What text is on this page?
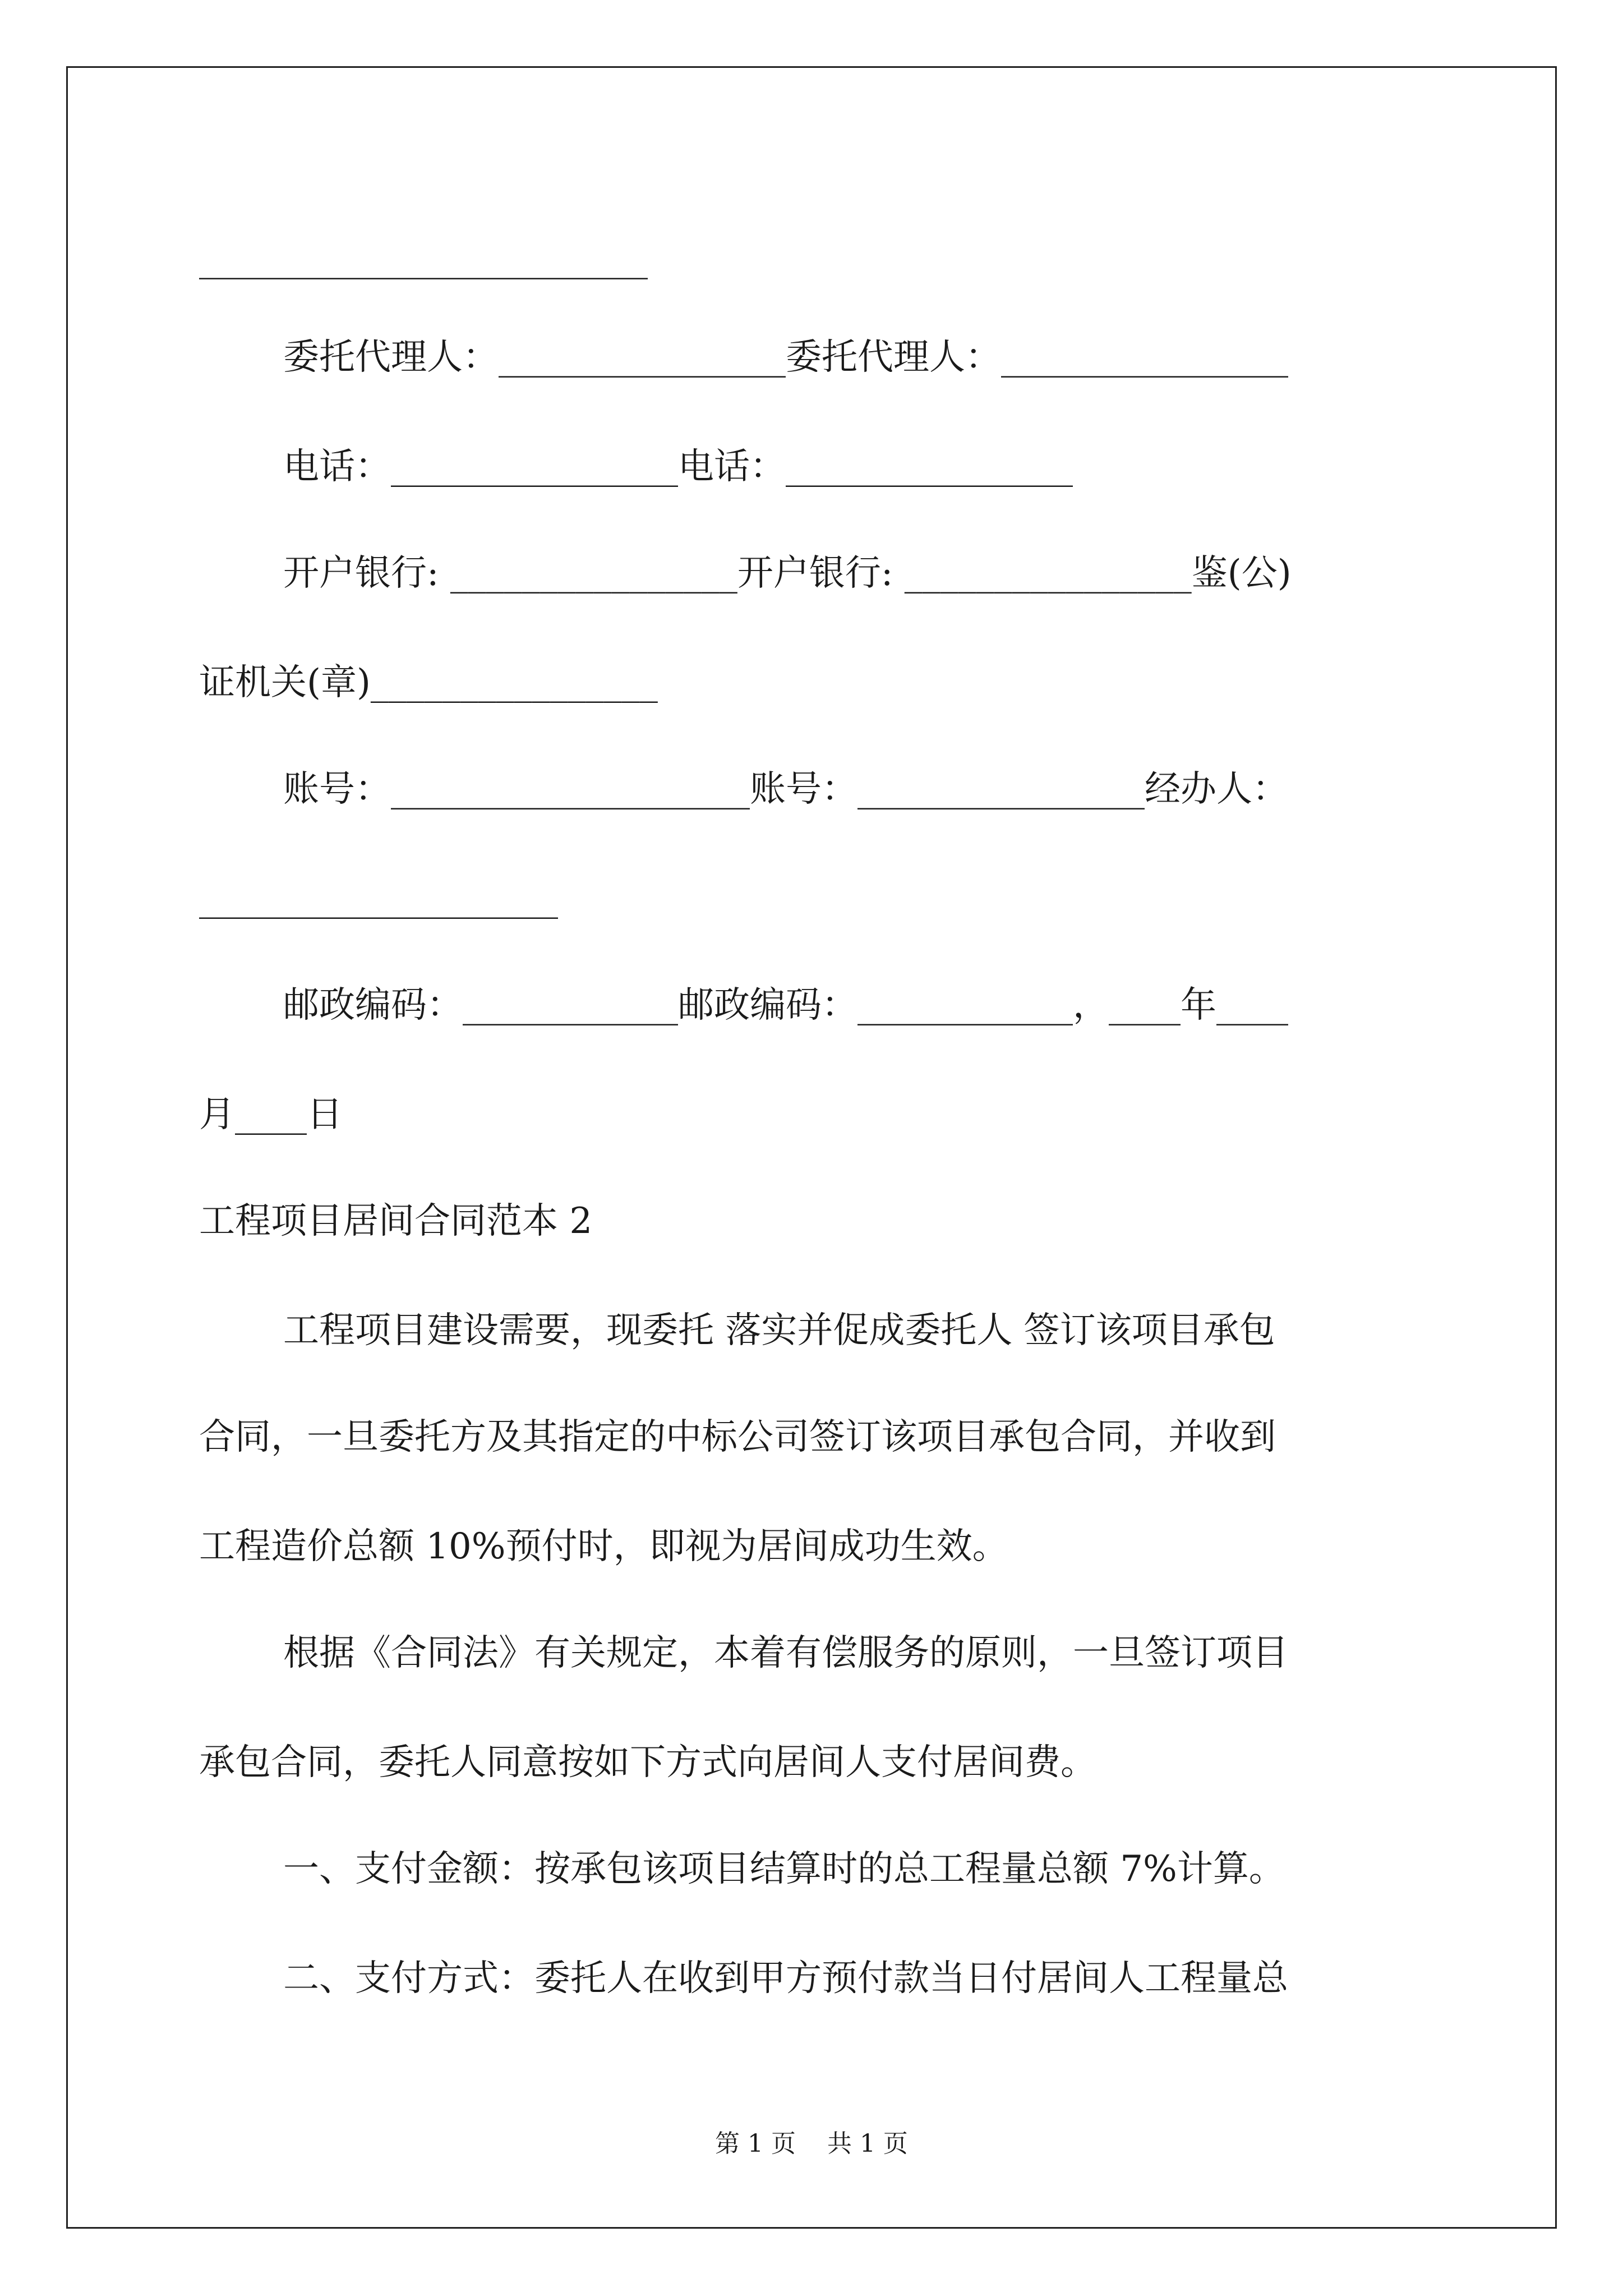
_________________________
委托代理人：________________委托代理人：________________
电话：________________电话：________________
开户银行: ________________开户银行: ________________鉴(公)
证机关(章)________________
账号：____________________账号：________________经办人：
____________________
邮政编码：____________邮政编码：____________，____年____
月____日
工程项目居间合同范本 2
工程项目建设需要，现委托 落实并促成委托人 签订该项目承包
合同，一旦委托方及其指定的中标公司签订该项目承包合同，并收到
工程造价总额 10%预付时，即视为居间成功生效。
根据《合同法》有关规定，本着有偿服务的原则，一旦签订项目
承包合同，委托人同意按如下方式向居间人支付居间费。
一、支付金额：按承包该项目结算时的总工程量总额 7%计算。
二、支付方式：委托人在收到甲方预付款当日付居间人工程量总
第 1 页    共 1 页
